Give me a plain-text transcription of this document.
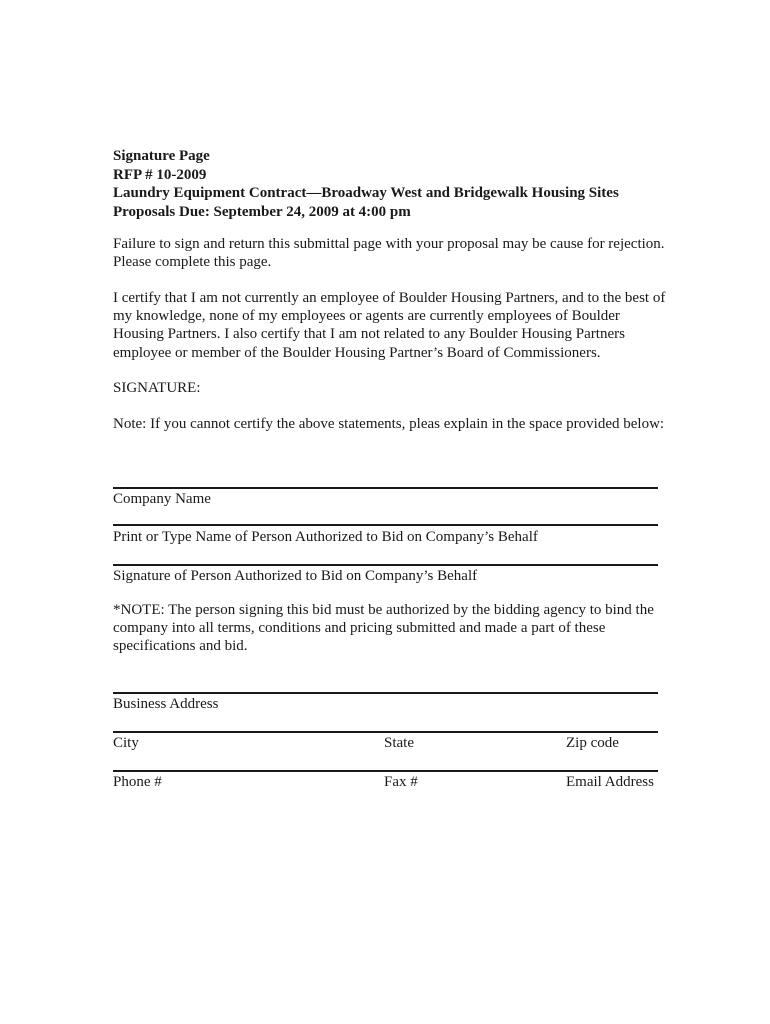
Signature Page
RFP # 10-2009
Laundry Equipment Contract—Broadway West and Bridgewalk Housing Sites
Proposals Due: September 24, 2009 at 4:00 pm
Failure to sign and return this submittal page with your proposal may be cause for rejection. Please complete this page.
I certify that I am not currently an employee of Boulder Housing Partners, and to the best of my knowledge, none of my employees or agents are currently employees of Boulder Housing Partners. I also certify that I am not related to any Boulder Housing Partners employee or member of the Boulder Housing Partner’s Board of Commissioners.
SIGNATURE:
Note: If you cannot certify the above statements, pleas explain in the space provided below:
Company Name
Print or Type Name of Person Authorized to Bid on Company’s Behalf
Signature of Person Authorized to Bid on Company’s Behalf
*NOTE: The person signing this bid must be authorized by the bidding agency to bind the company into all terms, conditions and pricing submitted and made a part of these specifications and bid.
Business Address
City	State	Zip code
Phone #	Fax #	Email Address
